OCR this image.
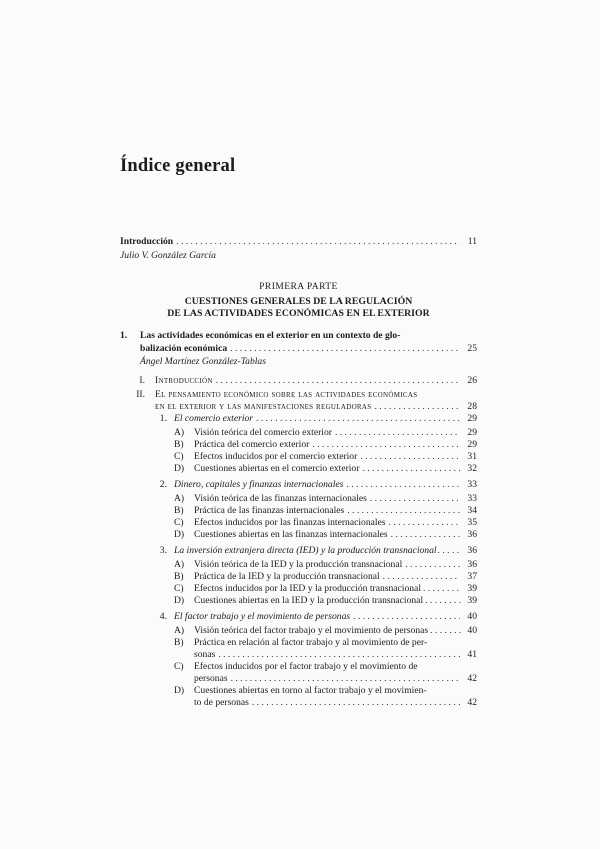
Índice general
Introducción . . .	11
Julio V. González García
PRIMERA PARTE
CUESTIONES GENERALES DE LA REGULACIÓN
DE LAS ACTIVIDADES ECONÓMICAS EN EL EXTERIOR
1. Las actividades económicas en el exterior en un contexto de glo-
balización económica . . .	25
Ángel Martínez González-Tablas
I. Introducción . . .	26
II. El pensamiento económico sobre las actividades económicas
en el exterior y las manifestaciones reguladoras . . .	28
1. El comercio exterior . . .	29
A) Visión teórica del comercio exterior . . .	29
B) Práctica del comercio exterior . . .	29
C) Efectos inducidos por el comercio exterior . . .	31
D) Cuestiones abiertas en el comercio exterior . . .	32
2. Dinero, capitales y finanzas internacionales . . .	33
A) Visión teórica de las finanzas internacionales . . .	33
B) Práctica de las finanzas internacionales . . .	34
C) Efectos inducidos por las finanzas internacionales . . .	35
D) Cuestiones abiertas en las finanzas internacionales . . .	36
3. La inversión extranjera directa (IED) y la producción transnacional . . .	36
A) Visión teórica de la IED y la producción transnacional . . .	36
B) Práctica de la IED y la producción transnacional . . .	37
C) Efectos inducidos por la IED y la producción transnacional . . .	39
D) Cuestiones abiertas en la IED y la producción transnacional . . .	39
4. El factor trabajo y el movimiento de personas . . .	40
A) Visión teórica del factor trabajo y el movimiento de personas . . .	40
B) Práctica en relación al factor trabajo y al movimiento de per-
sonas . . .	41
C) Efectos inducidos por el factor trabajo y el movimiento de
personas . . .	42
D) Cuestiones abiertas en torno al factor trabajo y el movimien-
to de personas . . .	42
